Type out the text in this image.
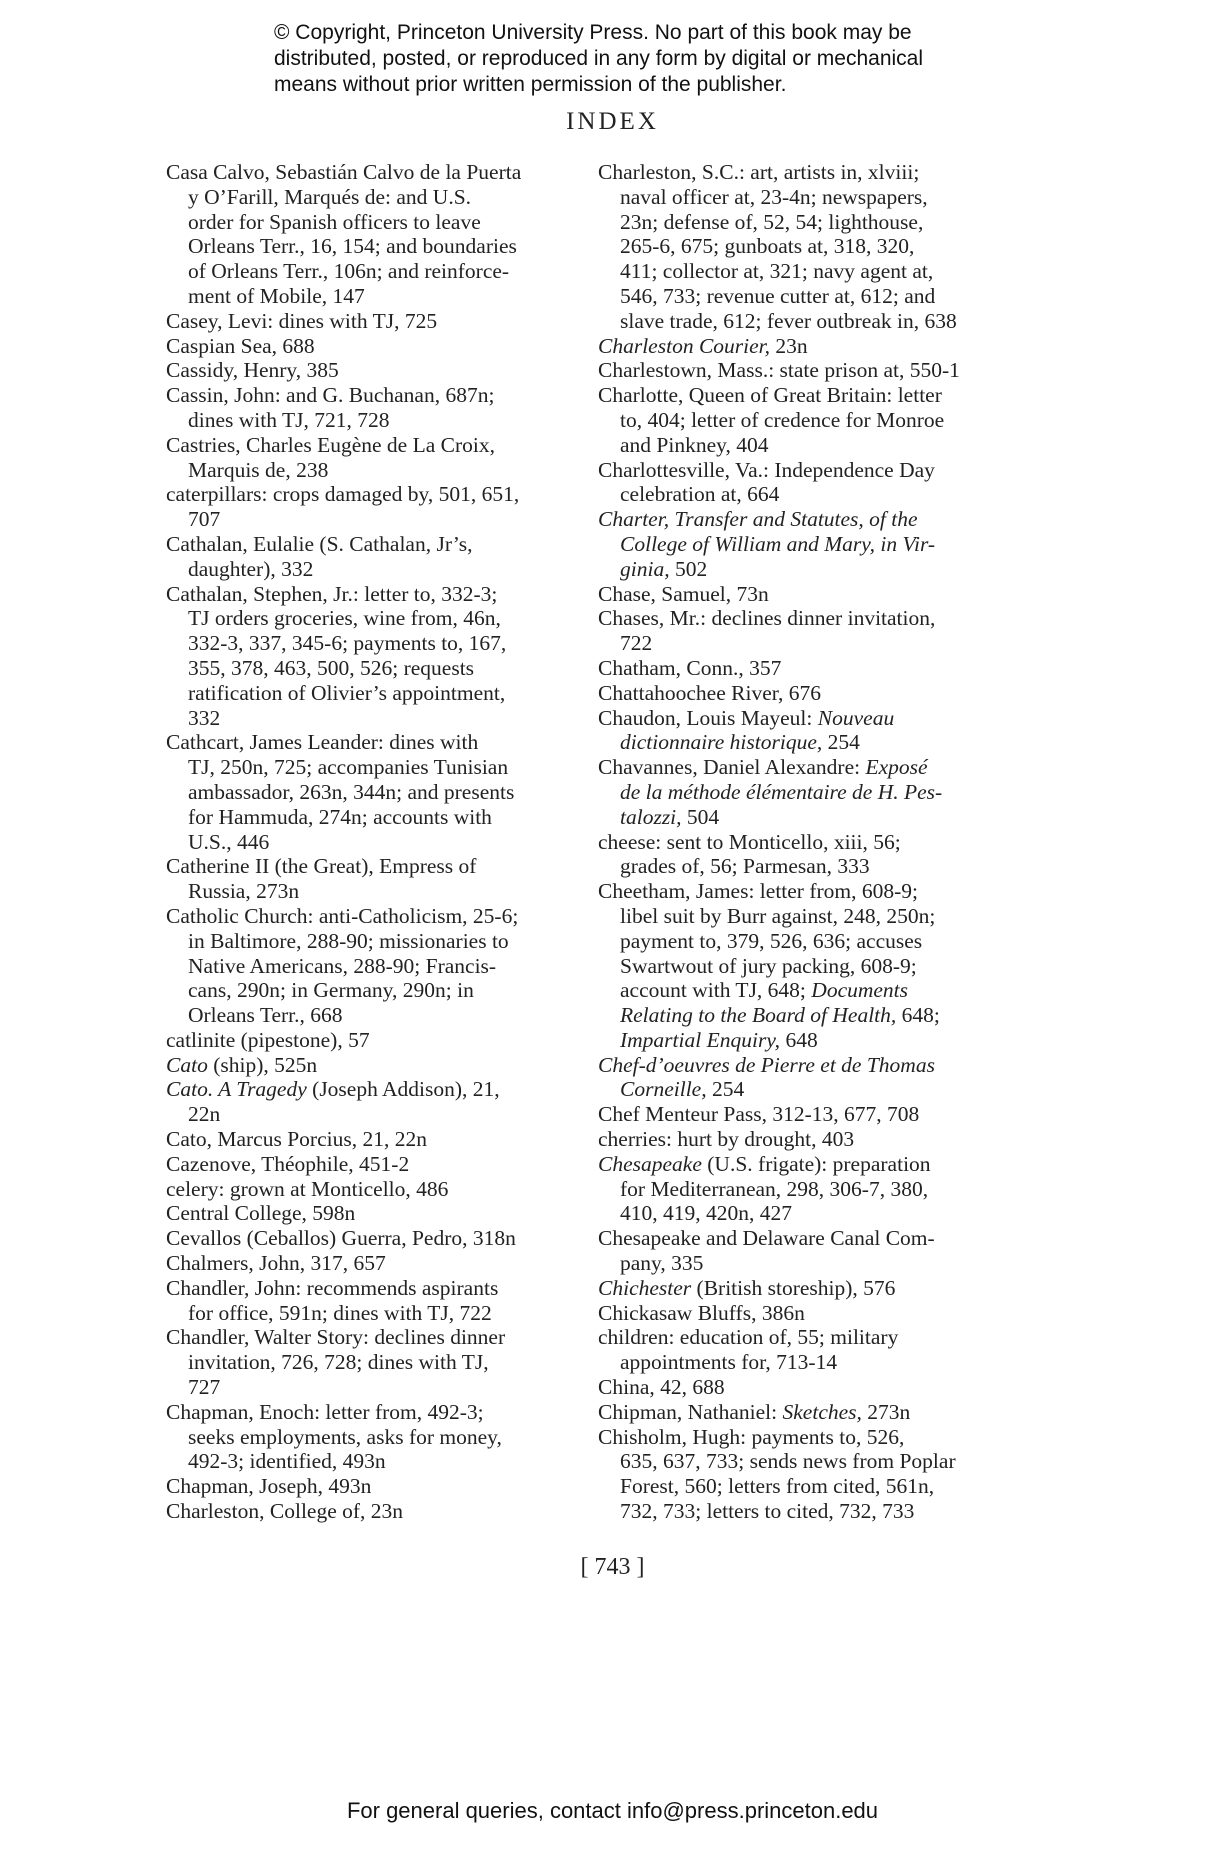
© Copyright, Princeton University Press. No part of this book may be
distributed, posted, or reproduced in any form by digital or mechanical
means without prior written permission of the publisher.
INDEX
Casa Calvo, Sebastián Calvo de la Puerta
y O’Farill, Marqués de: and U.S.
order for Spanish officers to leave
Orleans Terr., 16, 154; and boundaries
of Orleans Terr., 106n; and reinforce-
ment of Mobile, 147
Casey, Levi: dines with TJ, 725
Caspian Sea, 688
Cassidy, Henry, 385
Cassin, John: and G. Buchanan, 687n;
dines with TJ, 721, 728
Castries, Charles Eugène de La Croix,
Marquis de, 238
caterpillars: crops damaged by, 501, 651,
707
Cathalan, Eulalie (S. Cathalan, Jr’s,
daughter), 332
Cathalan, Stephen, Jr.: letter to, 332-3;
TJ orders groceries, wine from, 46n,
332-3, 337, 345-6; payments to, 167,
355, 378, 463, 500, 526; requests
ratification of Olivier’s appointment,
332
Cathcart, James Leander: dines with
TJ, 250n, 725; accompanies Tunisian
ambassador, 263n, 344n; and presents
for Hammuda, 274n; accounts with
U.S., 446
Catherine II (the Great), Empress of
Russia, 273n
Catholic Church: anti-Catholicism, 25-6;
in Baltimore, 288-90; missionaries to
Native Americans, 288-90; Francis-
cans, 290n; in Germany, 290n; in
Orleans Terr., 668
catlinite (pipestone), 57
Cato (ship), 525n
Cato. A Tragedy (Joseph Addison), 21,
22n
Cato, Marcus Porcius, 21, 22n
Cazenove, Théophile, 451-2
celery: grown at Monticello, 486
Central College, 598n
Cevallos (Ceballos) Guerra, Pedro, 318n
Chalmers, John, 317, 657
Chandler, John: recommends aspirants
for office, 591n; dines with TJ, 722
Chandler, Walter Story: declines dinner
invitation, 726, 728; dines with TJ,
727
Chapman, Enoch: letter from, 492-3;
seeks employments, asks for money,
492-3; identified, 493n
Chapman, Joseph, 493n
Charleston, College of, 23n
Charleston, S.C.: art, artists in, xlviii;
naval officer at, 23-4n; newspapers,
23n; defense of, 52, 54; lighthouse,
265-6, 675; gunboats at, 318, 320,
411; collector at, 321; navy agent at,
546, 733; revenue cutter at, 612; and
slave trade, 612; fever outbreak in, 638
Charleston Courier, 23n
Charlestown, Mass.: state prison at, 550-1
Charlotte, Queen of Great Britain: letter
to, 404; letter of credence for Monroe
and Pinkney, 404
Charlottesville, Va.: Independence Day
celebration at, 664
Charter, Transfer and Statutes, of the
College of William and Mary, in Vir-
ginia, 502
Chase, Samuel, 73n
Chases, Mr.: declines dinner invitation,
722
Chatham, Conn., 357
Chattahoochee River, 676
Chaudon, Louis Mayeul: Nouveau
dictionnaire historique, 254
Chavannes, Daniel Alexandre: Exposé
de la méthode élémentaire de H. Pes-
talozzi, 504
cheese: sent to Monticello, xiii, 56;
grades of, 56; Parmesan, 333
Cheetham, James: letter from, 608-9;
libel suit by Burr against, 248, 250n;
payment to, 379, 526, 636; accuses
Swartwout of jury packing, 608-9;
account with TJ, 648; Documents
Relating to the Board of Health, 648;
Impartial Enquiry, 648
Chef-d’oeuvres de Pierre et de Thomas
Corneille, 254
Chef Menteur Pass, 312-13, 677, 708
cherries: hurt by drought, 403
Chesapeake (U.S. frigate): preparation
for Mediterranean, 298, 306-7, 380,
410, 419, 420n, 427
Chesapeake and Delaware Canal Com-
pany, 335
Chichester (British storeship), 576
Chickasaw Bluffs, 386n
children: education of, 55; military
appointments for, 713-14
China, 42, 688
Chipman, Nathaniel: Sketches, 273n
Chisholm, Hugh: payments to, 526,
635, 637, 733; sends news from Poplar
Forest, 560; letters from cited, 561n,
732, 733; letters to cited, 732, 733
[ 743 ]
For general queries, contact info@press.princeton.edu
